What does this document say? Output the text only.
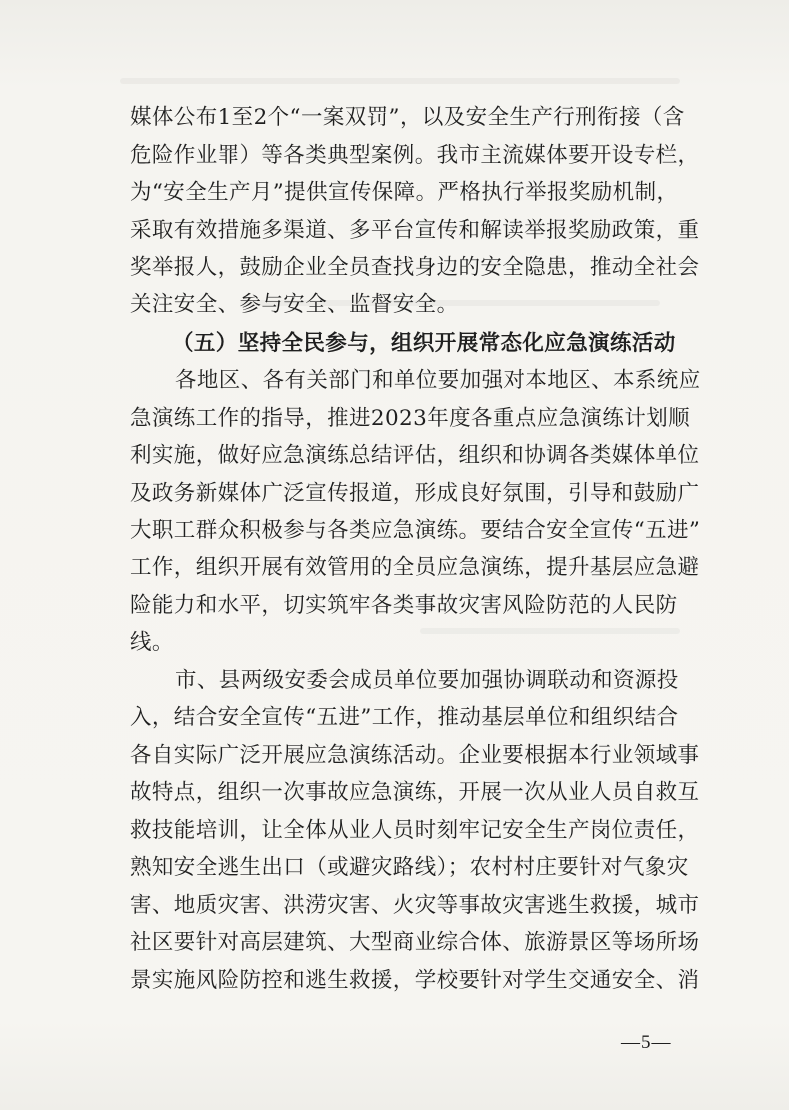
媒体公布1至2个“一案双罚”，以及安全生产行刑衔接（含
危险作业罪）等各类典型案例。我市主流媒体要开设专栏，
为“安全生产月”提供宣传保障。严格执行举报奖励机制，
采取有效措施多渠道、多平台宣传和解读举报奖励政策，重
奖举报人，鼓励企业全员查找身边的安全隐患，推动全社会
关注安全、参与安全、监督安全。
（五）坚持全民参与，组织开展常态化应急演练活动
各地区、各有关部门和单位要加强对本地区、本系统应
急演练工作的指导，推进2023年度各重点应急演练计划顺
利实施，做好应急演练总结评估，组织和协调各类媒体单位
及政务新媒体广泛宣传报道，形成良好氛围，引导和鼓励广
大职工群众积极参与各类应急演练。要结合安全宣传“五进”
工作，组织开展有效管用的全员应急演练，提升基层应急避
险能力和水平，切实筑牢各类事故灾害风险防范的人民防
线。
市、县两级安委会成员单位要加强协调联动和资源投
入，结合安全宣传“五进”工作，推动基层单位和组织结合
各自实际广泛开展应急演练活动。企业要根据本行业领域事
故特点，组织一次事故应急演练，开展一次从业人员自救互
救技能培训，让全体从业人员时刻牢记安全生产岗位责任，
熟知安全逃生出口（或避灾路线）；农村村庄要针对气象灾
害、地质灾害、洪涝灾害、火灾等事故灾害逃生救援，城市
社区要针对高层建筑、大型商业综合体、旅游景区等场所场
景实施风险防控和逃生救援，学校要针对学生交通安全、消
—5—
